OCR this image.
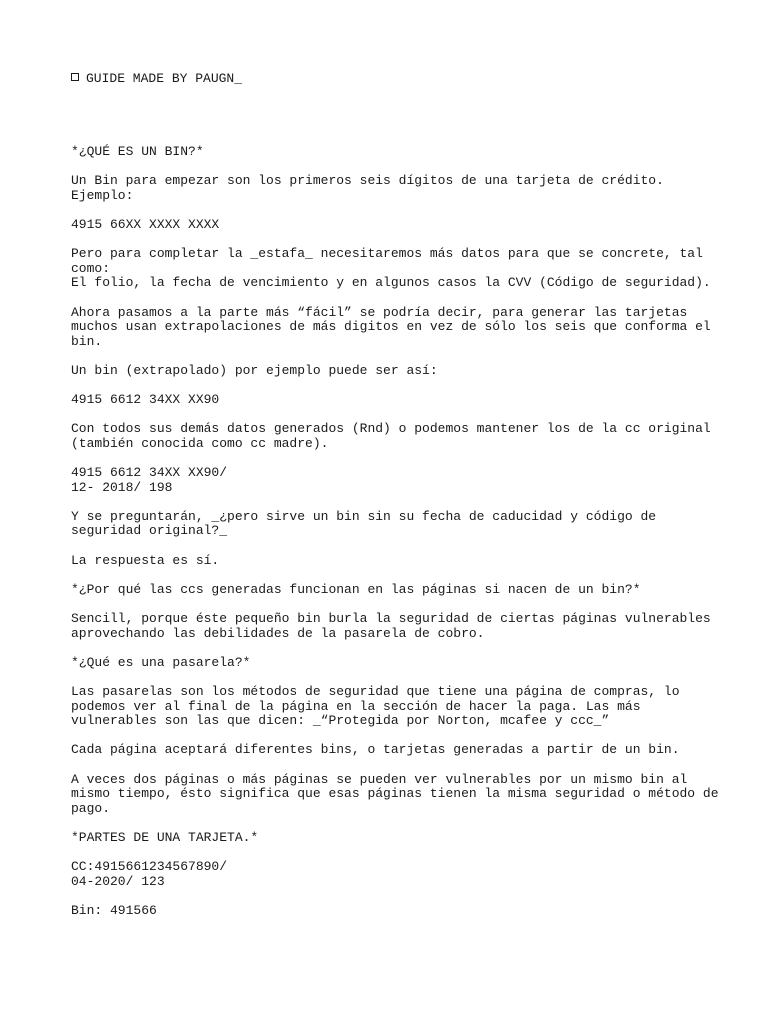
GUIDE MADE BY PAUGN_
*¿QUÉ ES UN BIN?*
Un Bin para empezar son los primeros seis dígitos de una tarjeta de crédito.
Ejemplo:
4915 66XX XXXX XXXX
Pero para completar la _estafa_ necesitaremos más datos para que se concrete, tal
como:
El folio, la fecha de vencimiento y en algunos casos la CVV (Código de seguridad).
Ahora pasamos a la parte más “fácil” se podría decir, para generar las tarjetas
muchos usan extrapolaciones de más digitos en vez de sólo los seis que conforma el
bin.
Un bin (extrapolado) por ejemplo puede ser así:
4915 6612 34XX XX90
Con todos sus demás datos generados (Rnd) o podemos mantener los de la cc original
(también conocida como cc madre).
4915 6612 34XX XX90/
12- 2018/ 198
Y se preguntarán, _¿pero sirve un bin sin su fecha de caducidad y código de
seguridad original?_
La respuesta es sí.
*¿Por qué las ccs generadas funcionan en las páginas si nacen de un bin?*
Sencill, porque éste pequeño bin burla la seguridad de ciertas páginas vulnerables
aprovechando las debilidades de la pasarela de cobro.
*¿Qué es una pasarela?*
Las pasarelas son los métodos de seguridad que tiene una página de compras, lo
podemos ver al final de la página en la sección de hacer la paga. Las más
vulnerables son las que dicen: _“Protegida por Norton, mcafee y ccc_”
Cada página aceptará diferentes bins, o tarjetas generadas a partir de un bin.
A veces dos páginas o más páginas se pueden ver vulnerables por un mismo bin al
mismo tiempo, ésto significa que esas páginas tienen la misma seguridad o método de
pago.
*PARTES DE UNA TARJETA.*
CC:4915661234567890/
04-2020/ 123
Bin: 491566
